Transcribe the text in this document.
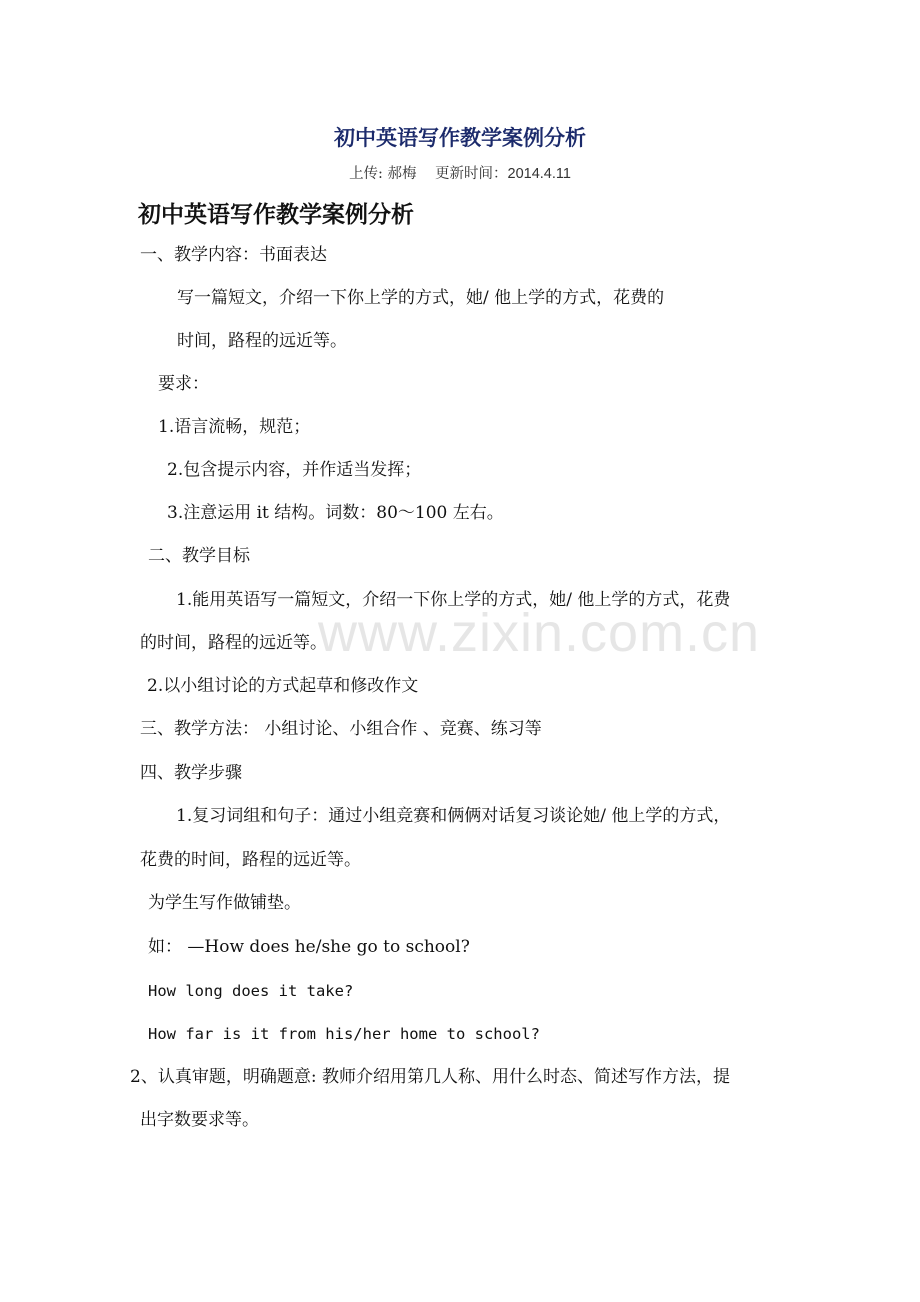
初中英语写作教学案例分析
上传: 郝梅 更新时间：2014.4.11
初中英语写作教学案例分析
www.zixin.com.cn
一、教学内容：书面表达
写一篇短文，介绍一下你上学的方式，她/ 他上学的方式，花费的
时间，路程的远近等。
要求：
1.语言流畅，规范；
2.包含提示内容，并作适当发挥；
3.注意运用 it 结构。词数：80～100 左右。
二、教学目标
1.能用英语写一篇短文，介绍一下你上学的方式，她/ 他上学的方式，花费
的时间，路程的远近等。
2.以小组讨论的方式起草和修改作文
三、教学方法： 小组讨论、小组合作 、竞赛、练习等
四、教学步骤
1.复习词组和句子：通过小组竞赛和俩俩对话复习谈论她/ 他上学的方式，
花费的时间，路程的远近等。
为学生写作做铺垫。
如： —How does he/she go to school?
How long does it take?
How far is it from his/her home to school?
2、认真审题，明确题意: 教师介绍用第几人称、用什么时态、简述写作方法，提
出字数要求等。
